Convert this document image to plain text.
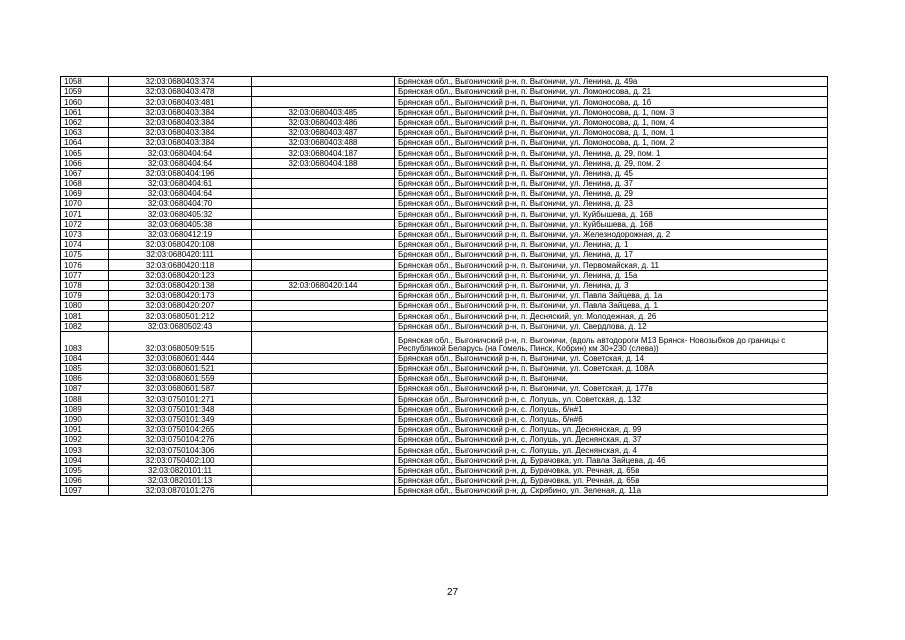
1058	32:03:0680403:374		Брянская обл., Выгоничский р-н, п. Выгоничи, ул. Ленина, д. 49а
1059	32:03:0680403:478		Брянская обл., Выгоничский р-н, п. Выгоничи, ул. Ломоносова, д. 21
1060	32:03:0680403:481		Брянская обл., Выгоничский р-н, п. Выгоничи, ул. Ломоносова, д. 1б
1061	32:03:0680403:384	32:03:0680403:485	Брянская обл., Выгоничский р-н, п. Выгоничи, ул. Ломоносова, д. 1, пом. 3
1062	32:03:0680403:384	32:03:0680403:486	Брянская обл., Выгоничский р-н, п. Выгоничи, ул. Ломоносова, д. 1, пом. 4
1063	32:03:0680403:384	32:03:0680403:487	Брянская обл., Выгоничский р-н, п. Выгоничи, ул. Ломоносова, д. 1, пом. 1
1064	32:03:0680403:384	32:03:0680403:488	Брянская обл., Выгоничский р-н, п. Выгоничи, ул. Ломоносова, д. 1, пом. 2
1065	32:03:0680404:64	32:03:0680404:187	Брянская обл., Выгоничский р-н, п. Выгоничи, ул. Ленина, д. 29, пом. 1
1066	32:03:0680404:64	32:03:0680404:188	Брянская обл., Выгоничский р-н, п. Выгоничи, ул. Ленина, д. 29, пом. 2
1067	32:03:0680404:196		Брянская обл., Выгоничский р-н, п. Выгоничи, ул. Ленина, д. 45
1068	32:03:0680404:61		Брянская обл., Выгоничский р-н, п. Выгоничи, ул. Ленина, д. 37
1069	32:03:0680404:64		Брянская обл., Выгоничский р-н, п. Выгоничи, ул. Ленина, д. 29
1070	32:03:0680404:70		Брянская обл., Выгоничский р-н, п. Выгоничи, ул. Ленина, д. 23
1071	32:03:0680405:32		Брянская обл., Выгоничский р-н, п. Выгоничи, ул. Куйбышева, д. 168
1072	32:03:0680405:38		Брянская обл., Выгоничский р-н, п. Выгоничи, ул. Куйбышева, д. 168
1073	32:03:0680412:19		Брянская обл., Выгоничский р-н, п. Выгоничи, ул. Железнодорожная, д. 2
1074	32:03:0680420:108		Брянская обл., Выгоничский р-н, п. Выгоничи, ул. Ленина, д. 1
1075	32:03:0680420:111		Брянская обл., Выгоничский р-н, п. Выгоничи, ул. Ленина, д. 17
1076	32:03:0680420:118		Брянская обл., Выгоничский р-н, п. Выгоничи, ул. Первомайская, д. 11
1077	32:03:0680420:123		Брянская обл., Выгоничский р-н, п. Выгоничи, ул. Ленина, д. 15а
1078	32:03:0680420:138	32:03:0680420:144	Брянская обл., Выгоничский р-н, п. Выгоничи, ул. Ленина, д. 3
1079	32:03:0680420:173		Брянская обл., Выгоничский р-н, п. Выгоничи, ул. Павла Зайцева, д. 1а
1080	32:03:0680420:207		Брянская обл., Выгоничский р-н, п. Выгоничи, ул. Павла Зайцева, д. 1
1081	32:03:0680501:212		Брянская обл., Выгоничский р-н, п. Десняский, ул. Молодежная, д. 26
1082	32:03:0680502:43		Брянская обл., Выгоничский р-н, п. Выгоничи, ул. Свердлова, д. 12
1083	32:03:0680509:515		Брянская обл., Выгоничский р-н, п. Выгоничи, (вдоль автодороги М13 Брянск- Новозыбков до границы с Республикой Беларусь (на Гомель, Пинск, Кобрин) км 30+230 (слева))
1084	32:03:0680601:444		Брянская обл., Выгоничский р-н, п. Выгоничи, ул. Советская, д. 14
1085	32:03:0680601:521		Брянская обл., Выгоничский р-н, п. Выгоничи, ул. Советская, д. 108А
1086	32:03:0680601:559		Брянская обл., Выгоничский р-н, п. Выгоничи,
1087	32:03:0680601:587		Брянская обл., Выгоничский р-н, п. Выгоничи, ул. Советская, д. 177в
1088	32:03:0750101:271		Брянская обл., Выгоничский р-н, с. Лопушь, ул. Советская, д. 132
1089	32:03:0750101:348		Брянская обл., Выгоничский р-н, с. Лопушь, б/н#1
1090	32:03:0750101:349		Брянская обл., Выгоничский р-н, с. Лопушь, б/н#6
1091	32:03:0750104:265		Брянская обл., Выгоничский р-н, с. Лопушь, ул. Деснянская, д. 99
1092	32:03:0750104:276		Брянская обл., Выгоничский р-н, с. Лопушь, ул. Деснянская, д. 37
1093	32:03:0750104:306		Брянская обл., Выгоничский р-н, с. Лопушь, ул. Деснянская, д. 4
1094	32:03:0750402:100		Брянская обл., Выгоничский р-н, д. Бурачовка, ул. Павла Зайцева, д. 46
1095	32:03:0820101:11		Брянская обл., Выгоничский р-н, д. Бурачовка, ул. Речная, д. 65в
1096	32:03:0820101:13		Брянская обл., Выгоничский р-н, д. Бурачовка, ул. Речная, д. 65в
1097	32:03:0870101:276		Брянская обл., Выгоничский р-н, д. Скрябино, ул. Зеленая, д. 11а
27
